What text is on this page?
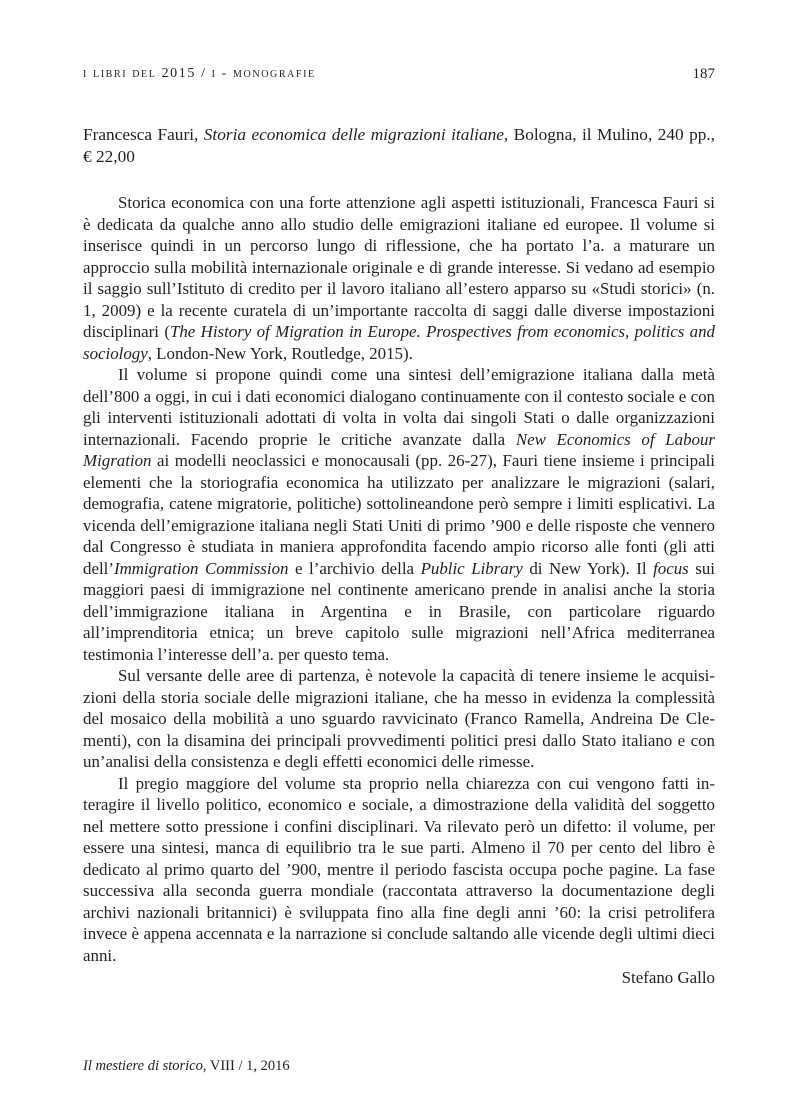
i libri del 2015 / i - monografie	187

Francesca Fauri, Storia economica delle migrazioni italiane, Bologna, il Mulino, 240 pp., € 22,00

Storica economica con una forte attenzione agli aspetti istituzionali, Francesca Fauri si è dedicata da qualche anno allo studio delle emigrazioni italiane ed europee. Il volume si inserisce quindi in un percorso lungo di riflessione, che ha portato l’a. a maturare un approccio sulla mobilità internazionale originale e di grande interesse. Si vedano ad esempio il saggio sull’Istituto di credito per il lavoro italiano all’estero apparso su «Studi storici» (n. 1, 2009) e la recente curatela di un’importante raccolta di saggi dalle diverse impostazioni disciplinari (The History of Migration in Europe. Prospectives from economics, politics and sociology, London-New York, Routledge, 2015).

Il volume si propone quindi come una sintesi dell’emigrazione italiana dalla metà dell’800 a oggi, in cui i dati economici dialogano continuamente con il contesto sociale e con gli interventi istituzionali adottati di volta in volta dai singoli Stati o dalle organizzazioni internazionali. Facendo proprie le critiche avanzate dalla New Economics of Labour Migration ai modelli neoclassici e monocausali (pp. 26-27), Fauri tiene insieme i principali elementi che la storiografia economica ha utilizzato per analizzare le migrazioni (salari, demografia, catene migratorie, politiche) sottolineandone però sempre i limiti esplicativi. La vicenda dell’emigrazione italiana negli Stati Uniti di primo ’900 e delle risposte che vennero dal Congresso è studiata in maniera approfondita facendo ampio ricorso alle fonti (gli atti dell’Immigration Commission e l’archivio della Public Library di New York). Il focus sui maggiori paesi di immigrazione nel continente americano prende in analisi anche la storia dell’immigrazione italiana in Argentina e in Brasile, con particolare riguardo all’imprenditoria etnica; un breve capitolo sulle migrazioni nell’Africa mediterranea testimonia l’interesse dell’a. per questo tema.

Sul versante delle aree di partenza, è notevole la capacità di tenere insieme le acquisizioni della storia sociale delle migrazioni italiane, che ha messo in evidenza la complessità del mosaico della mobilità a uno sguardo ravvicinato (Franco Ramella, Andreina De Clementi), con la disamina dei principali provvedimenti politici presi dallo Stato italiano e con un’analisi della consistenza e degli effetti economici delle rimesse.

Il pregio maggiore del volume sta proprio nella chiarezza con cui vengono fatti interagire il livello politico, economico e sociale, a dimostrazione della validità del soggetto nel mettere sotto pressione i confini disciplinari. Va rilevato però un difetto: il volume, per essere una sintesi, manca di equilibrio tra le sue parti. Almeno il 70 per cento del libro è dedicato al primo quarto del ’900, mentre il periodo fascista occupa poche pagine. La fase successiva alla seconda guerra mondiale (raccontata attraverso la documentazione degli archivi nazionali britannici) è sviluppata fino alla fine degli anni ’60: la crisi petrolifera invece è appena accennata e la narrazione si conclude saltando alle vicende degli ultimi dieci anni.

Stefano Gallo

Il mestiere di storico, VIII / 1, 2016
